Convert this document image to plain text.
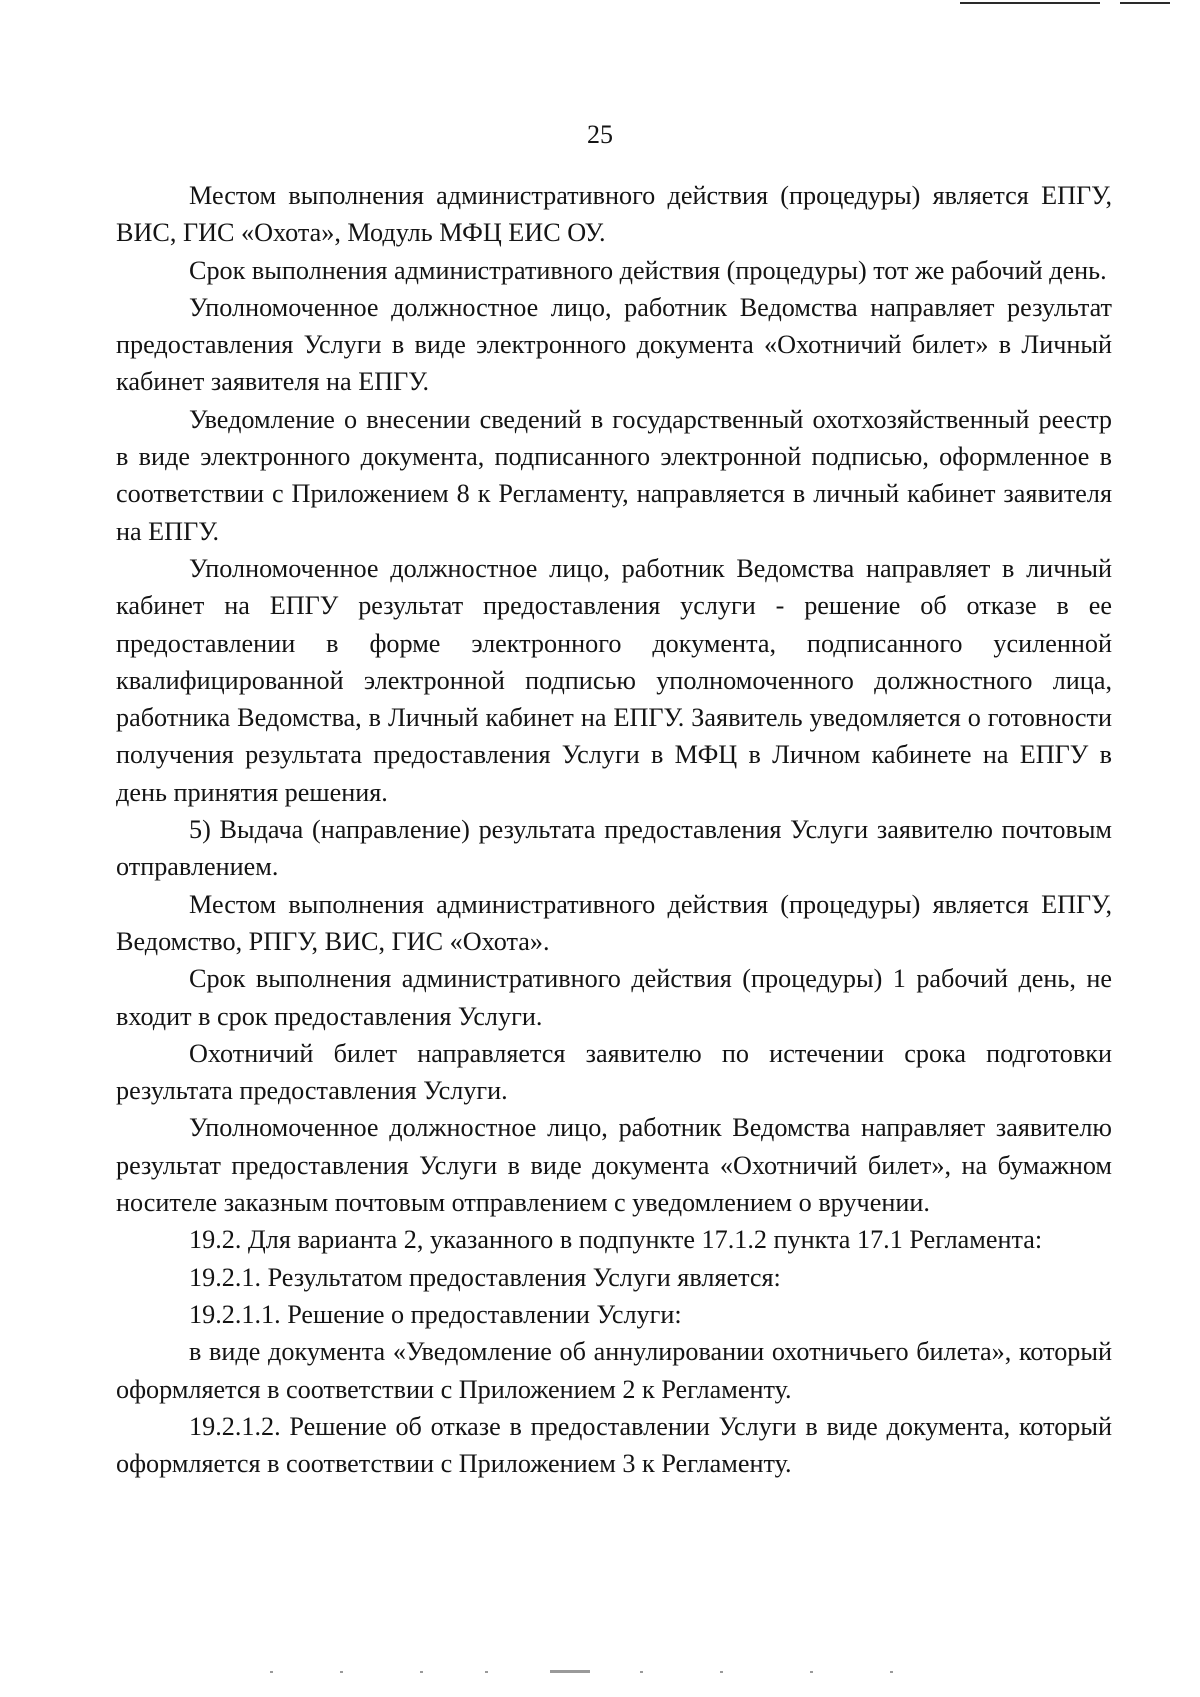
25

Местом выполнения административного действия (процедуры) является ЕПГУ, ВИС, ГИС «Охота», Модуль МФЦ ЕИС ОУ.

Срок выполнения административного действия (процедуры) тот же рабочий день.

Уполномоченное должностное лицо, работник Ведомства направляет результат предоставления Услуги в виде электронного документа «Охотничий билет» в Личный кабинет заявителя на ЕПГУ.

Уведомление о внесении сведений в государственный охотхозяйственный реестр в виде электронного документа, подписанного электронной подписью, оформленное в соответствии с Приложением 8 к Регламенту, направляется в личный кабинет заявителя на ЕПГУ.

Уполномоченное должностное лицо, работник Ведомства направляет в личный кабинет на ЕПГУ результат предоставления услуги - решение об отказе в ее предоставлении в форме электронного документа, подписанного усиленной квалифицированной электронной подписью уполномоченного должностного лица, работника Ведомства, в Личный кабинет на ЕПГУ. Заявитель уведомляется о готовности получения результата предоставления Услуги в МФЦ в Личном кабинете на ЕПГУ в день принятия решения.

5) Выдача (направление) результата предоставления Услуги заявителю почтовым отправлением.

Местом выполнения административного действия (процедуры) является ЕПГУ, Ведомство, РПГУ, ВИС, ГИС «Охота».

Срок выполнения административного действия (процедуры) 1 рабочий день, не входит в срок предоставления Услуги.

Охотничий билет направляется заявителю по истечении срока подготовки результата предоставления Услуги.

Уполномоченное должностное лицо, работник Ведомства направляет заявителю результат предоставления Услуги в виде документа «Охотничий билет», на бумажном носителе заказным почтовым отправлением с уведомлением о вручении.

19.2. Для варианта 2, указанного в подпункте 17.1.2 пункта 17.1 Регламента:

19.2.1. Результатом предоставления Услуги является:

19.2.1.1. Решение о предоставлении Услуги:

в виде документа «Уведомление об аннулировании охотничьего билета», который оформляется в соответствии с Приложением 2 к Регламенту.

19.2.1.2. Решение об отказе в предоставлении Услуги в виде документа, который оформляется в соответствии с Приложением 3 к Регламенту.
